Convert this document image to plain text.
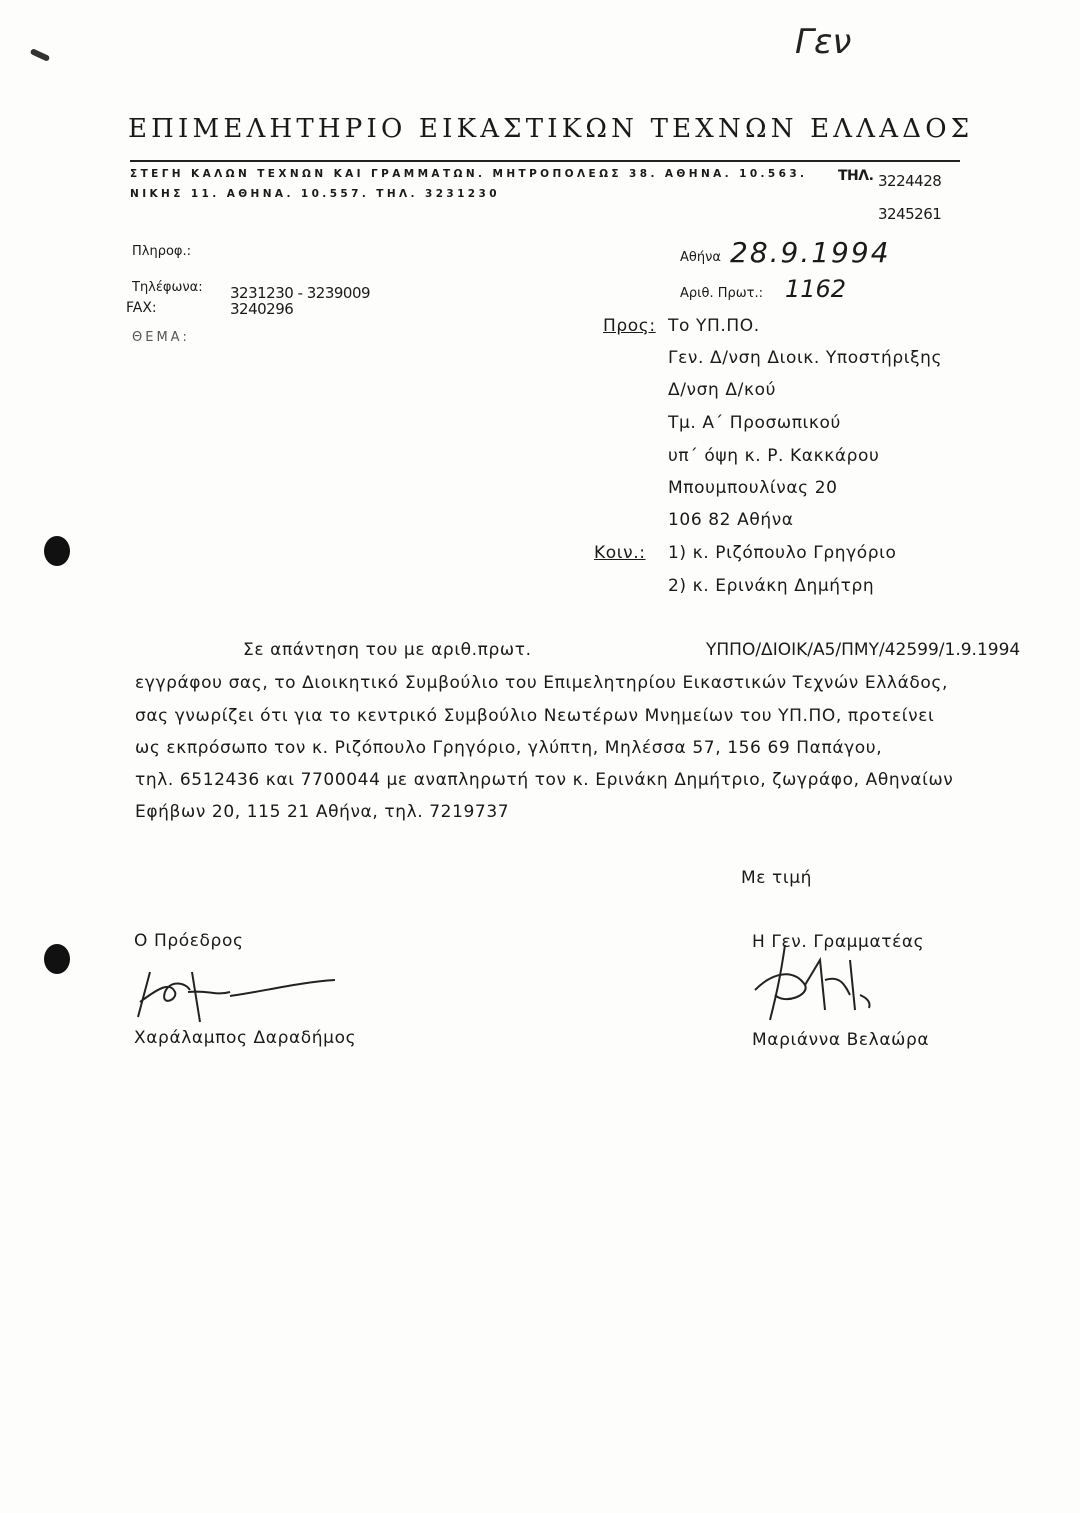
Γεν
ΕΠΙΜΕΛΗΤΗΡΙΟ ΕΙΚΑΣΤΙΚΩΝ ΤΕΧΝΩΝ ΕΛΛΑΔΟΣ
ΣΤΕΓΗ ΚΑΛΩΝ ΤΕΧΝΩΝ ΚΑΙ ΓΡΑΜΜΑΤΩΝ. ΜΗΤΡΟΠΟΛΕΩΣ 38. ΑΘΗΝΑ. 10.563. ΤΗΛ. 3224428
ΝΙΚΗΣ 11. ΑΘΗΝΑ. 10.557. ΤΗΛ. 3231230
3245261
Πληροφ.:
Τηλέφωνα: 3231230 - 3239009
FAX:	3240296
ΘΕΜΑ:
Αθήνα 28.9.1994
Αριθ. Πρωτ.: 1162
Προς: Το ΥΠ.ΠΟ.
Γεν. Δ/νση Διοικ. Υποστήριξης
Δ/νση Δ/κού
Τμ. Α΄ Προσωπικού
υπ΄ όψη κ. Ρ. Κακκάρου
Μπουμπουλίνας 20
106 82 Αθήνα
Κοιν.: 1) κ. Ριζόπουλο Γρηγόριο
2) κ. Ερινάκη Δημήτρη
Σε απάντηση του με αριθ.πρωτ.	ΥΠΠΟ/ΔΙΟΙΚ/Α5/ΠΜΥ/42599/1.9.1994
εγγράφου σας, το Διοικητικό Συμβούλιο του Επιμελητηρίου Εικαστικών Τεχνών Ελλάδος,
σας γνωρίζει ότι για το κεντρικό Συμβούλιο Νεωτέρων Μνημείων του ΥΠ.ΠΟ, προτείνει
ως εκπρόσωπο τον κ. Ριζόπουλο Γρηγόριο, γλύπτη, Μηλέσσα 57, 156 69 Παπάγου,
τηλ. 6512436 και 7700044 με αναπληρωτή τον κ. Ερινάκη Δημήτριο, ζωγράφο, Αθηναίων
Εφήβων 20, 115 21 Αθήνα, τηλ. 7219737
Με τιμή
Ο Πρόεδρος
Χαράλαμπος Δαραδήμος
Η Γεν. Γραμματέας
Μαριάννα Βελαώρα
